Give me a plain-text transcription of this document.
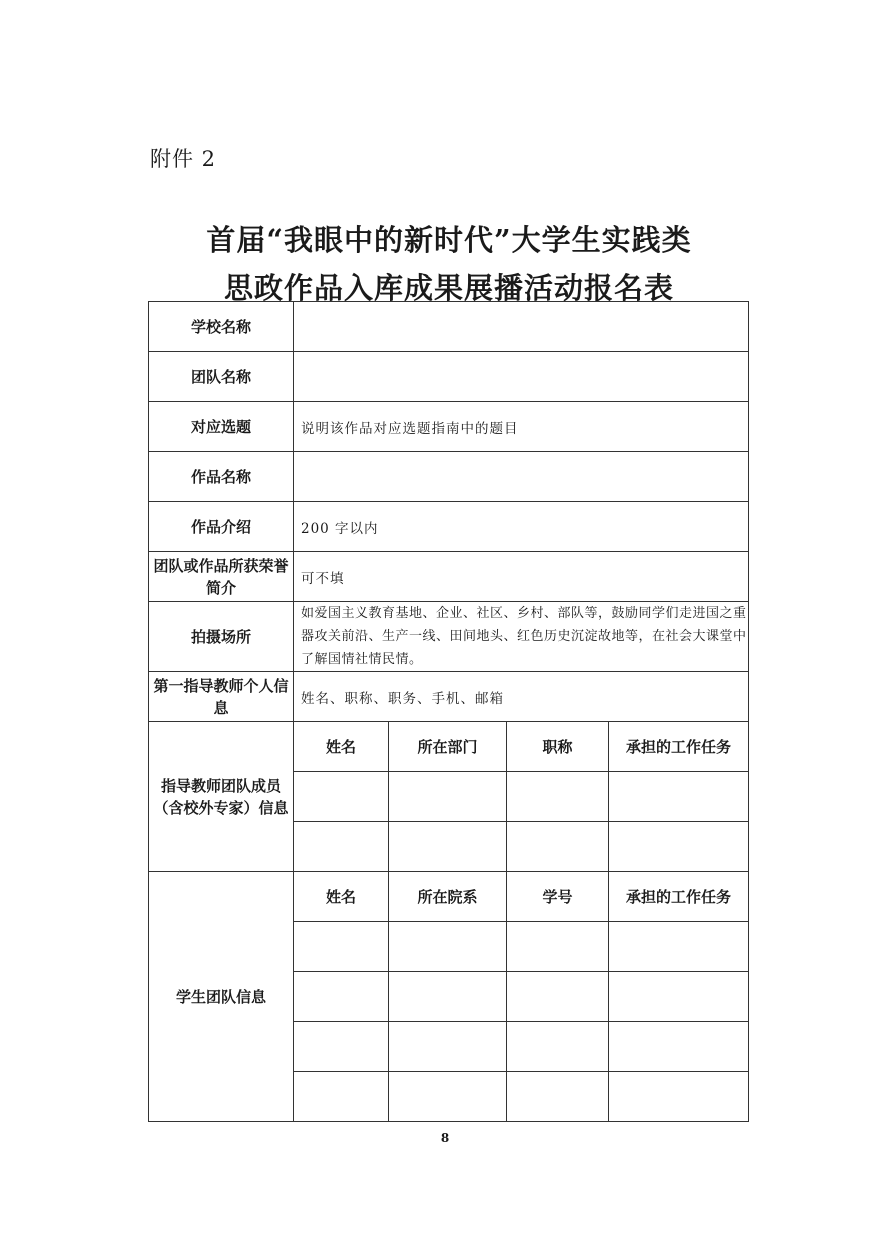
附件 2
首届“我眼中的新时代”大学生实践类
思政作品入库成果展播活动报名表
学校名称				
团队名称				
对应选题	说明该作品对应选题指南中的题目			
作品名称				
作品介绍	200 字以内			
团队或作品所获荣誉简介	可不填			
拍摄场所	如爱国主义教育基地、企业、社区、乡村、部队等，鼓励同学们走进国之重器攻关前沿、生产一线、田间地头、红色历史沉淀故地等，在社会大课堂中了解国情社情民情。			
第一指导教师个人信息	姓名、职称、职务、手机、邮箱			
指导教师团队成员（含校外专家）信息	姓名	所在部门	职称	承担的工作任务

学生团队信息	姓名	所在院系	学号	承担的工作任务

8
